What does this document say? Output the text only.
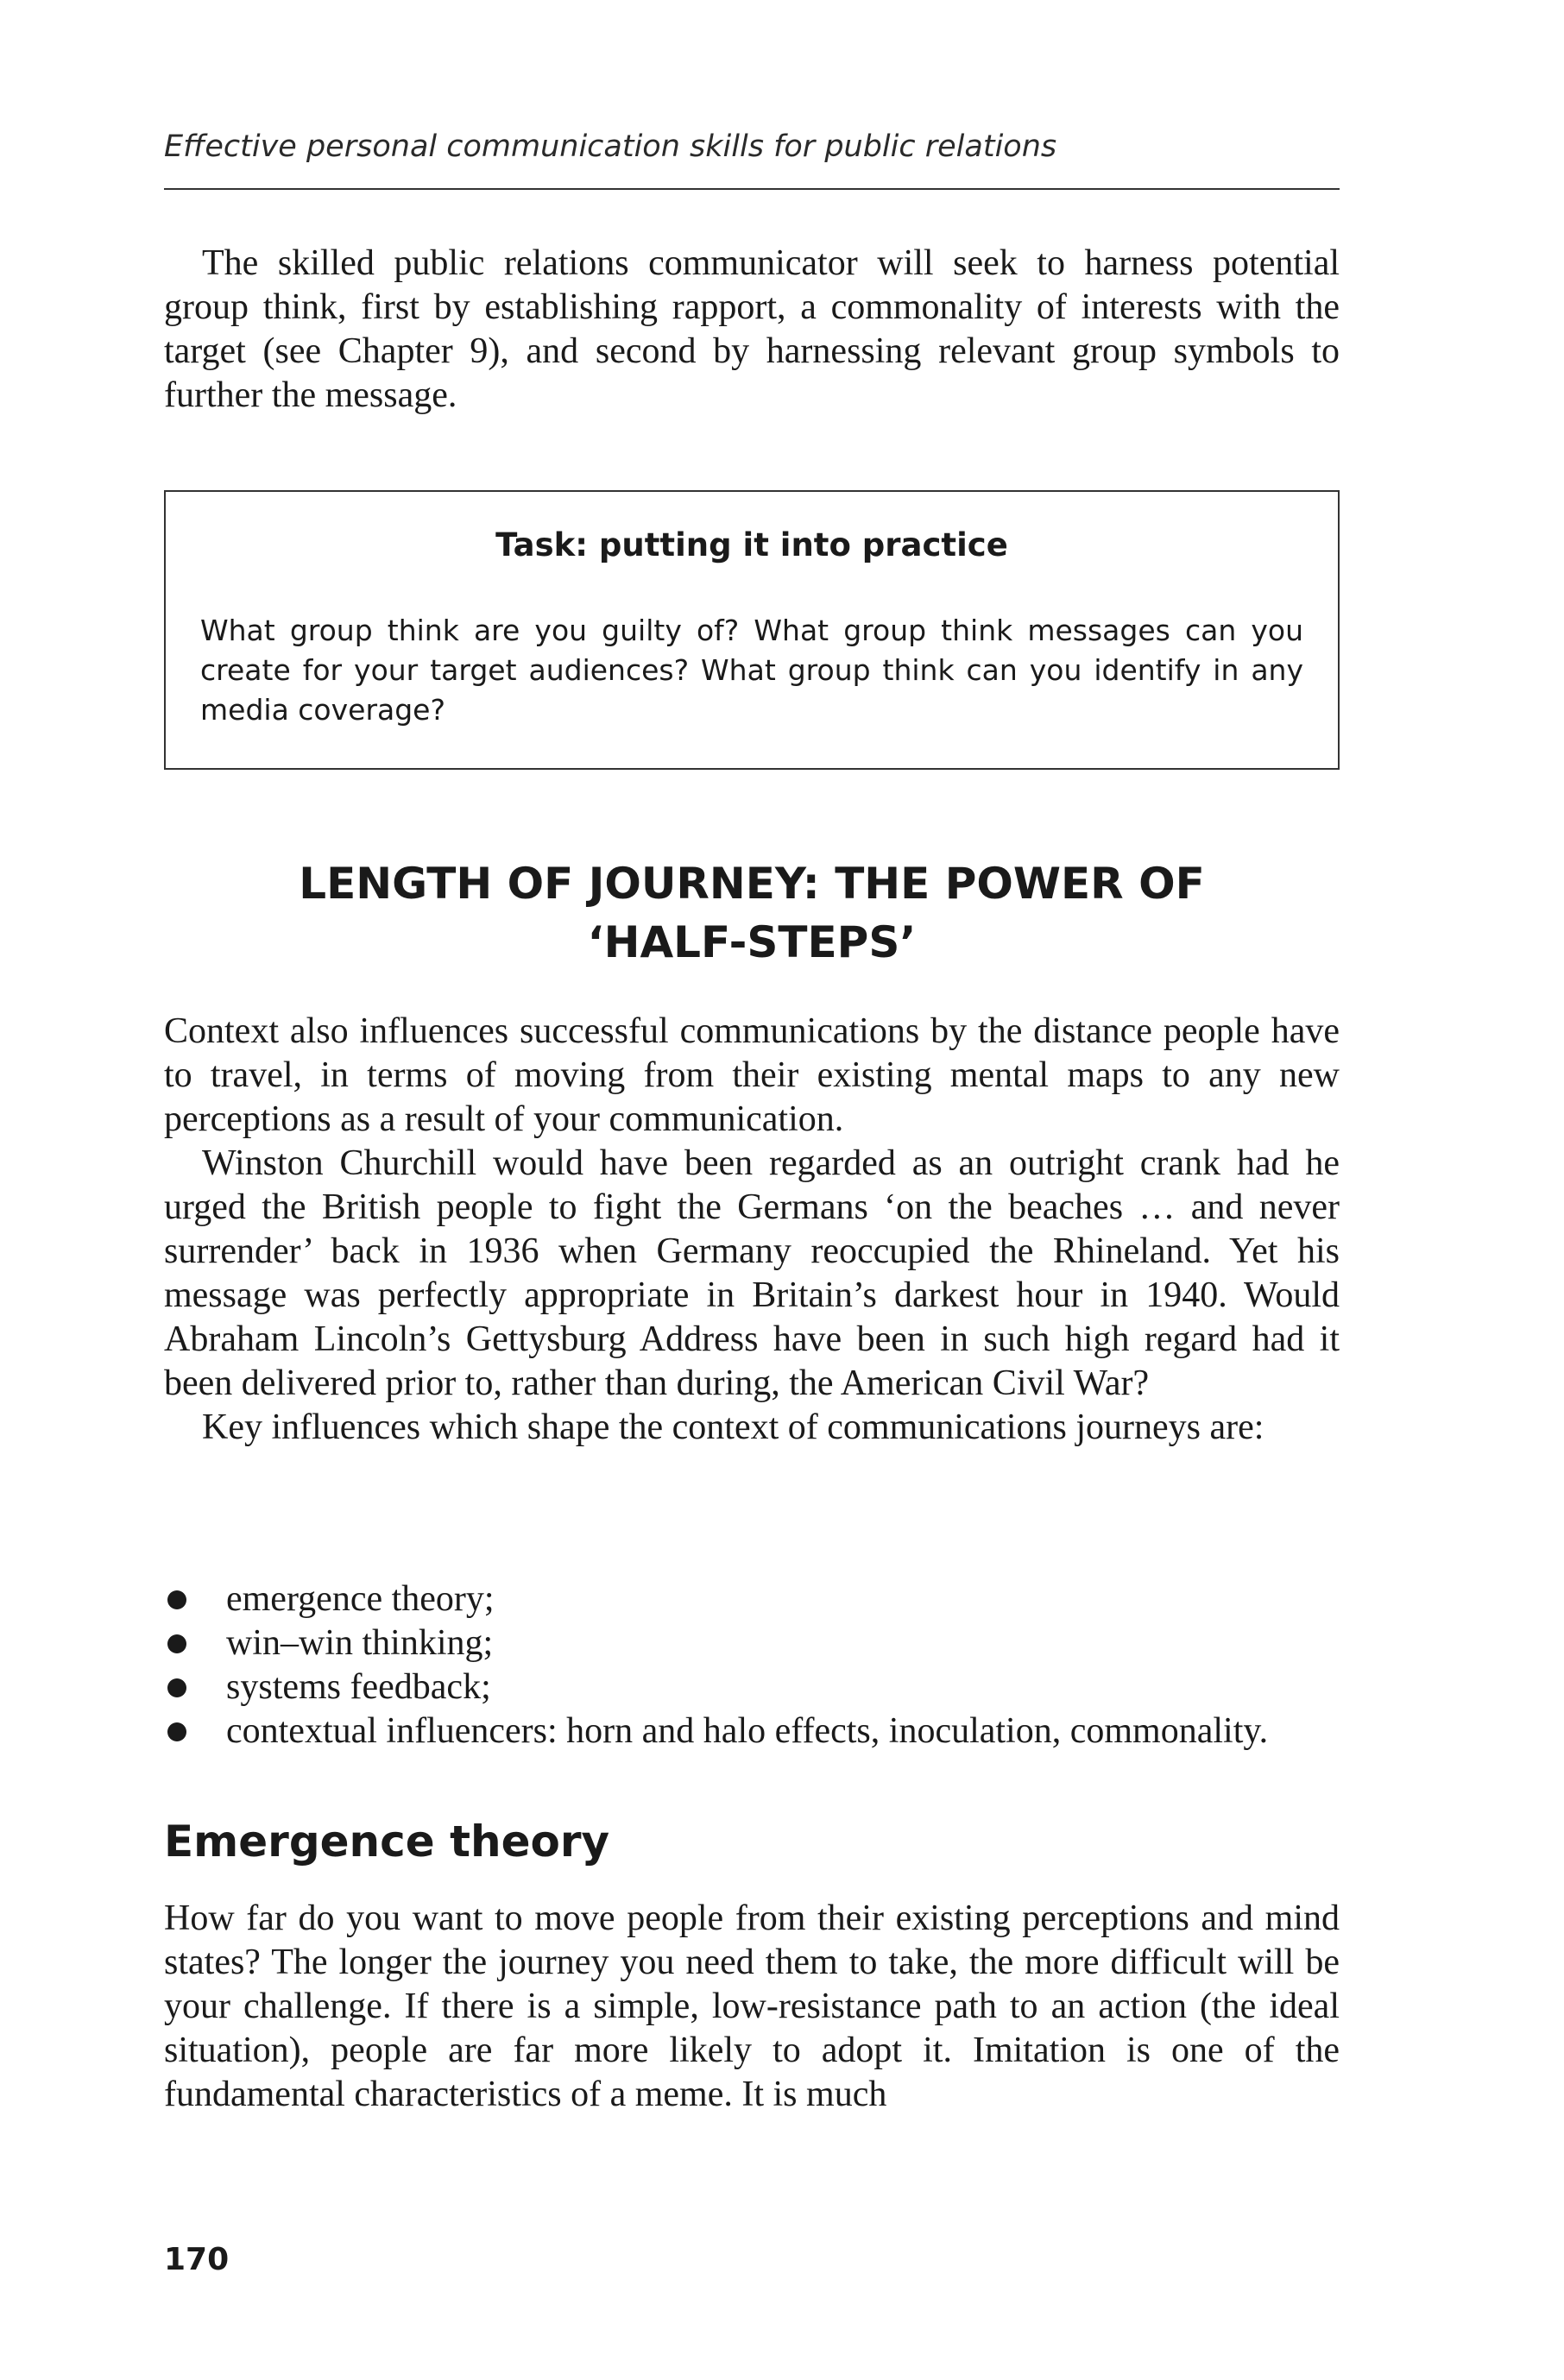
Effective personal communication skills for public relations

The skilled public relations communicator will seek to harness potential group think, first by establishing rapport, a commonality of interests with the target (see Chapter 9), and second by harnessing relevant group symbols to further the message.

Task: putting it into practice

What group think are you guilty of? What group think messages can you create for your target audiences? What group think can you identify in any media coverage?

LENGTH OF JOURNEY: THE POWER OF
‘HALF-STEPS’

Context also influences successful communications by the distance people have to travel, in terms of moving from their existing mental maps to any new perceptions as a result of your communication.

Winston Churchill would have been regarded as an outright crank had he urged the British people to fight the Germans ‘on the beaches … and never surrender’ back in 1936 when Germany reoccupied the Rhineland. Yet his message was perfectly appropriate in Britain’s darkest hour in 1940. Would Abraham Lincoln’s Gettysburg Address have been in such high regard had it been delivered prior to, rather than during, the American Civil War?

Key influences which shape the context of communications journeys are:

emergence theory;
win–win thinking;
systems feedback;
contextual influencers: horn and halo effects, inoculation, commonality.
Emergence theory

How far do you want to move people from their existing perceptions and mind states? The longer the journey you need them to take, the more difficult will be your challenge. If there is a simple, low-resistance path to an action (the ideal situation), people are far more likely to adopt it. Imitation is one of the fundamental characteristics of a meme. It is much

170
